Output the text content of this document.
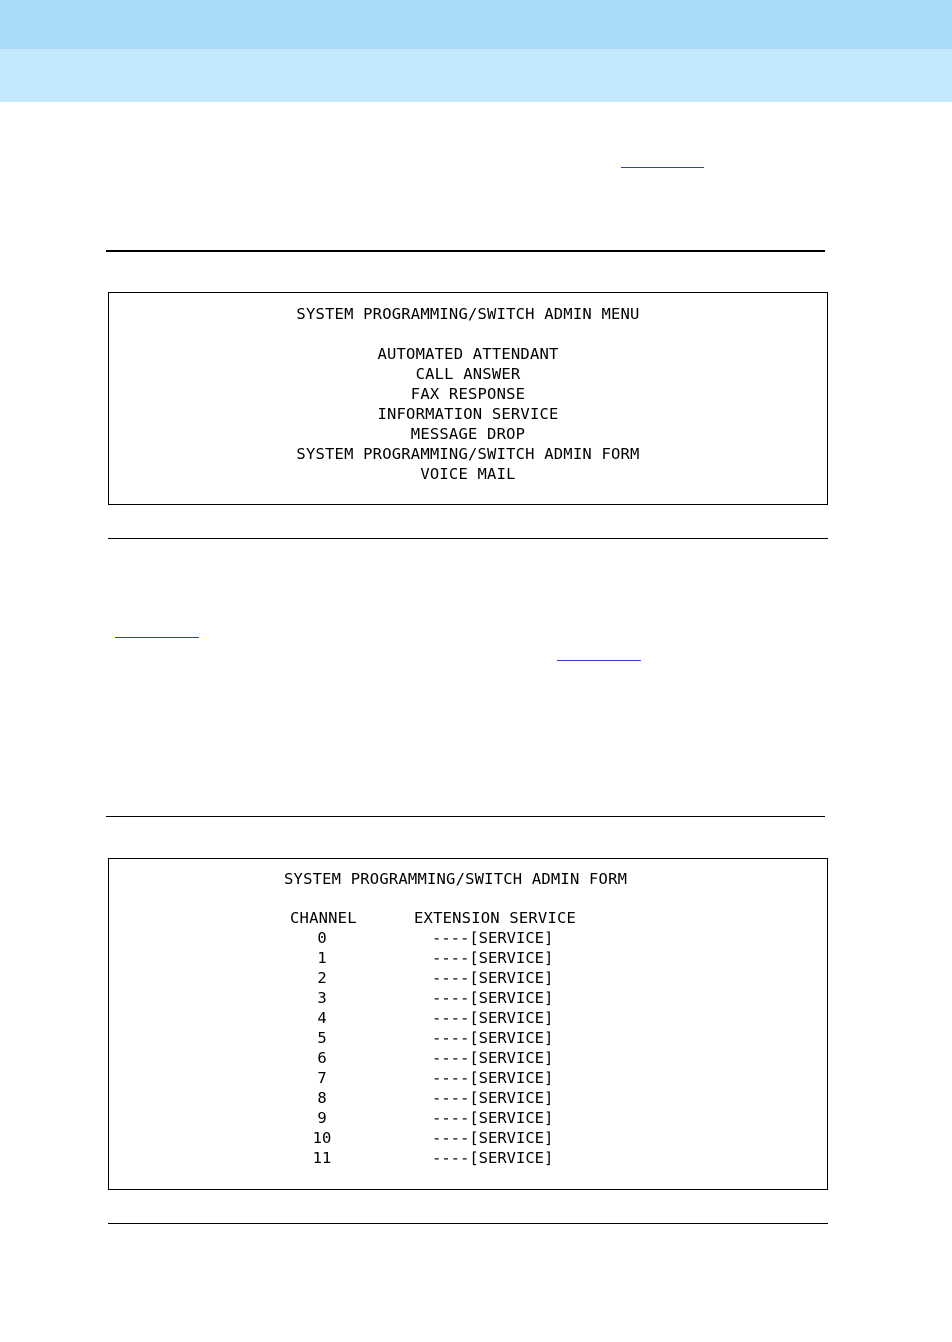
SYSTEM PROGRAMMING/SWITCH ADMIN MENU
AUTOMATED ATTENDANT
CALL ANSWER
FAX RESPONSE
INFORMATION SERVICE
MESSAGE DROP
SYSTEM PROGRAMMING/SWITCH ADMIN FORM
VOICE MAIL
SYSTEM PROGRAMMING/SWITCH ADMIN FORM
CHANNEL	EXTENSION SERVICE
0	----[SERVICE]
1	----[SERVICE]
2	----[SERVICE]
3	----[SERVICE]
4	----[SERVICE]
5	----[SERVICE]
6	----[SERVICE]
7	----[SERVICE]
8	----[SERVICE]
9	----[SERVICE]
10	----[SERVICE]
11	----[SERVICE]
